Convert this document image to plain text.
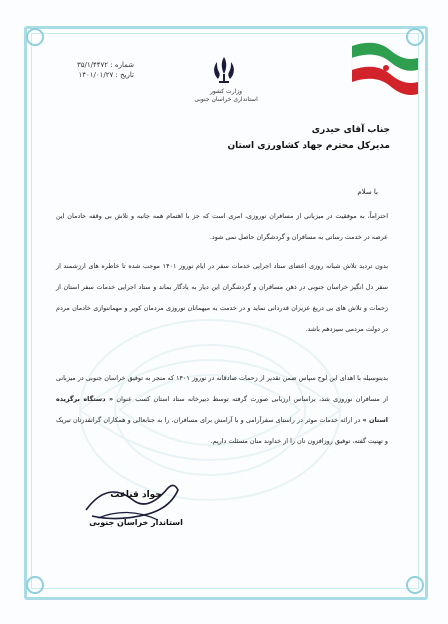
وزارت کشور
استانداری خراسان جنوبی
شماره : ۳۵/۱/۴۴۷۲
تاریخ : ۱۴۰۱/۰۱/۲۷
جناب آقای حیدری
مدیرکل محترم جهاد کشاورزی استان
با سلام
احتراماً، به موفقیت در میزبانی از مسافران نوروزی، امری است که جز با اهتمام همه جانبه و تلاش بی وقفه خادمان این عرصه در خدمت رسانی به مسافران و گردشگران حاصل نمی شود.
بدون تردید تلاش شبانه روزی اعضای ستاد اجرایی خدمات سفر در ایام نوروز ۱۴۰۱ موجب شده تا خاطره های ارزشمند از سفر دل انگیز خراسان جنوبی در ذهن مسافران و گردشگران این دیار به یادگار بماند و ستاد اجرایی خدمات سفر استان از زحمات و تلاش های بی دریغ عزیزان قدردانی نماید و در خدمت به میهمانان نوروزی مردمان کویر و مهماننوازی خادمان مردم در دولت مردمی سیزدهم باشد.
بدینوسیله با اهدای این لوح سپاس ضمن تقدیر از زحمات صادقانه در نوروز ۱۴۰۱ که منجر به توفیق خراسان جنوبی در میزبانی از مسافران نوروزی شد، براساس ارزیابی صورت گرفته توسط دبیرخانه ستاد استان کسب عنوان « دستگاه برگزیده استان » در ارائه خدمات موثر در راستای سفرآرامی و با آرامش برای مسافران، را به جنابعالی و همکاران گرانقدرتان تبریک و تهنیت گفته، توفیق روزافزون تان را از خداوند منان مسئلت داریم.
جواد قناعت
استاندار خراسان جنوبی
